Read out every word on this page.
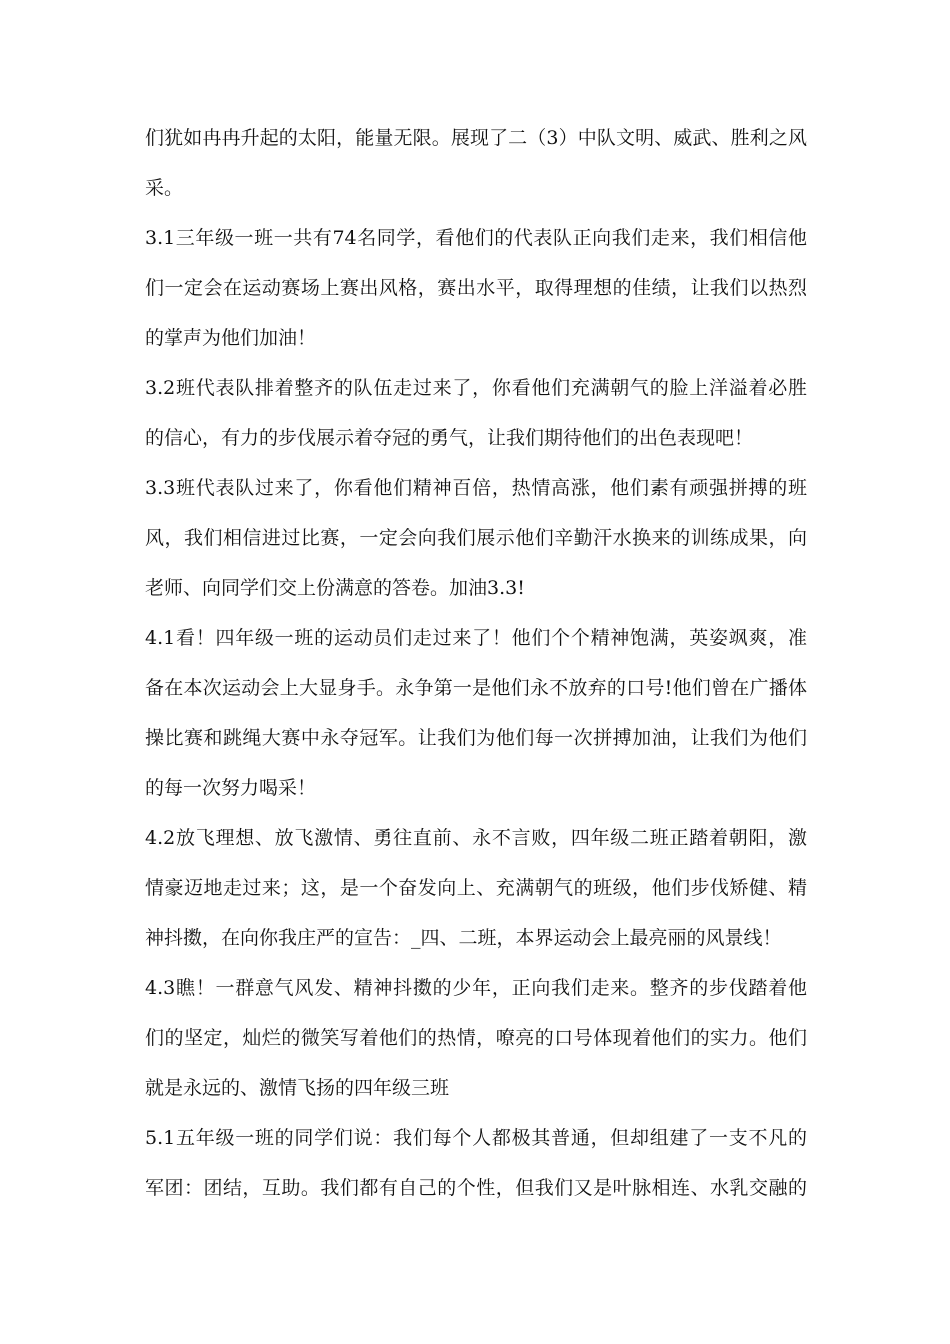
们犹如冉冉升起的太阳，能量无限。展现了二（3）中队文明、威武、胜利之风
采。
3.1三年级一班一共有74名同学，看他们的代表队正向我们走来，我们相信他
们一定会在运动赛场上赛出风格，赛出水平，取得理想的佳绩，让我们以热烈
的掌声为他们加油！
3.2班代表队排着整齐的队伍走过来了，你看他们充满朝气的脸上洋溢着必胜
的信心，有力的步伐展示着夺冠的勇气，让我们期待他们的出色表现吧！
3.3班代表队过来了，你看他们精神百倍，热情高涨，他们素有顽强拼搏的班
风，我们相信进过比赛，一定会向我们展示他们辛勤汗水换来的训练成果，向
老师、向同学们交上份满意的答卷。加油3.3!
4.1看！四年级一班的运动员们走过来了！他们个个精神饱满，英姿飒爽，准
备在本次运动会上大显身手。永争第一是他们永不放弃的口号!他们曾在广播体
操比赛和跳绳大赛中永夺冠军。让我们为他们每一次拼搏加油，让我们为他们
的每一次努力喝采！
4.2放飞理想、放飞激情、勇往直前、永不言败，四年级二班正踏着朝阳，激
情豪迈地走过来；这，是一个奋发向上、充满朝气的班级，他们步伐矫健、精
神抖擞，在向你我庄严的宣告：_四、二班，本界运动会上最亮丽的风景线！
4.3瞧！一群意气风发、精神抖擞的少年，正向我们走来。整齐的步伐踏着他
们的坚定，灿烂的微笑写着他们的热情，嘹亮的口号体现着他们的实力。他们
就是永远的、激情飞扬的四年级三班
5.1五年级一班的同学们说：我们每个人都极其普通，但却组建了一支不凡的
军团：团结，互助。我们都有自己的个性，但我们又是叶脉相连、水乳交融的
